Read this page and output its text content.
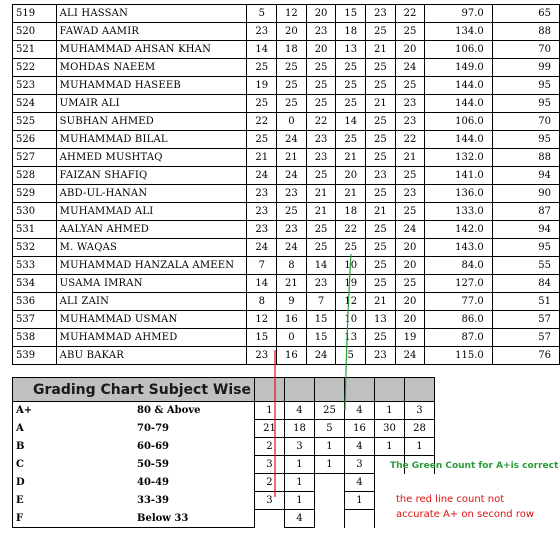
519	ALI HASSAN	5	12	20	15	23	22	97.0	65
520	FAWAD AAMIR	23	20	23	18	25	25	134.0	88
521	MUHAMMAD AHSAN KHAN	14	18	20	13	21	20	106.0	70
522	MOHDAS NAEEM	25	25	25	25	25	24	149.0	99
523	MUHAMMAD HASEEB	19	25	25	25	25	25	144.0	95
524	UMAIR ALI	25	25	25	25	21	23	144.0	95
525	SUBHAN AHMED	22	0	22	14	25	23	106.0	70
526	MUHAMMAD BILAL	25	24	23	25	25	22	144.0	95
527	AHMED MUSHTAQ	21	21	23	21	25	21	132.0	88
528	FAIZAN SHAFIQ	24	24	25	20	23	25	141.0	94
529	ABD-UL-HANAN	23	23	21	21	25	23	136.0	90
530	MUHAMMAD ALI	23	25	21	18	21	25	133.0	87
531	AALYAN AHMED	23	23	25	22	25	24	142.0	94
532	M. WAQAS	24	24	25	25	25	20	143.0	95
533	MUHAMMAD HANZALA AMEEN	7	8	14	10	25	20	84.0	55
534	USAMA IMRAN	14	21	23	19	25	25	127.0	84
536	ALI ZAIN	8	9	7	12	21	20	77.0	51
537	MUHAMMAD USMAN	12	16	15	10	13	20	86.0	57
538	MUHAMMAD AHMED	15	0	15	13	25	19	87.0	57
539	ABU BAKAR	23	16	24	5	23	24	115.0	76
Grading Chart Subject Wise							
A+	80 & Above	1	4	25	4	1	3
A	70-79	21	18	5	16	30	28
B	60-69	2	3	1	4	1	1
C	50-59	3	1	1	3		
D	40-49	2	1		4		
E	33-39	3	1		1		
F	Below 33		4				
The Green Count for A+is correct
the red line count not
accurate A+ on second row
